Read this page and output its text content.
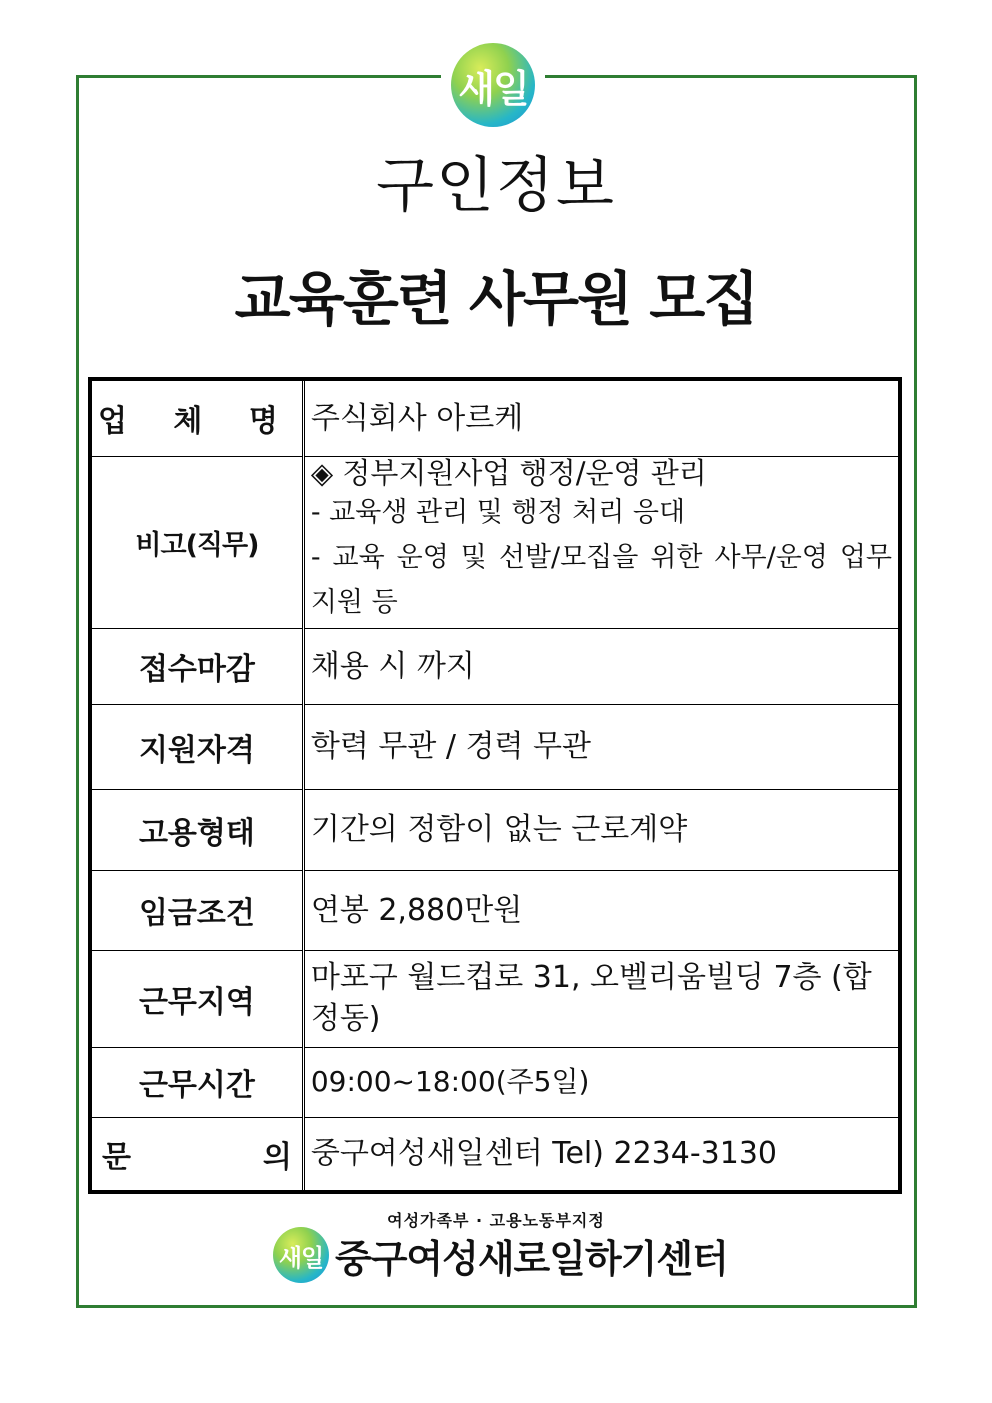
새일
구인정보
교육훈련 사무원 모집
업 체 명	주식회사 아르케
비고(직무)	◈ 정부지원사업 행정/운영 관리
- 교육생 관리 및 행정 처리 응대
- 교육 운영 및 선발/모집을 위한 사무/운영 업무 지원 등

접수마감	채용 시 까지
지원자격	학력 무관 / 경력 무관
고용형태	기간의 정함이 없는 근로계약
임금조건	연봉 2,880만원
근무지역	마포구 월드컵로 31, 오벨리움빌딩 7층 (합정동)
근무시간	09:00~18:00(주5일)

문 의	중구여성새일센터 Tel) 2234-3130
여성가족부 · 고용노동부지정
새일 중구여성새로일하기센터
